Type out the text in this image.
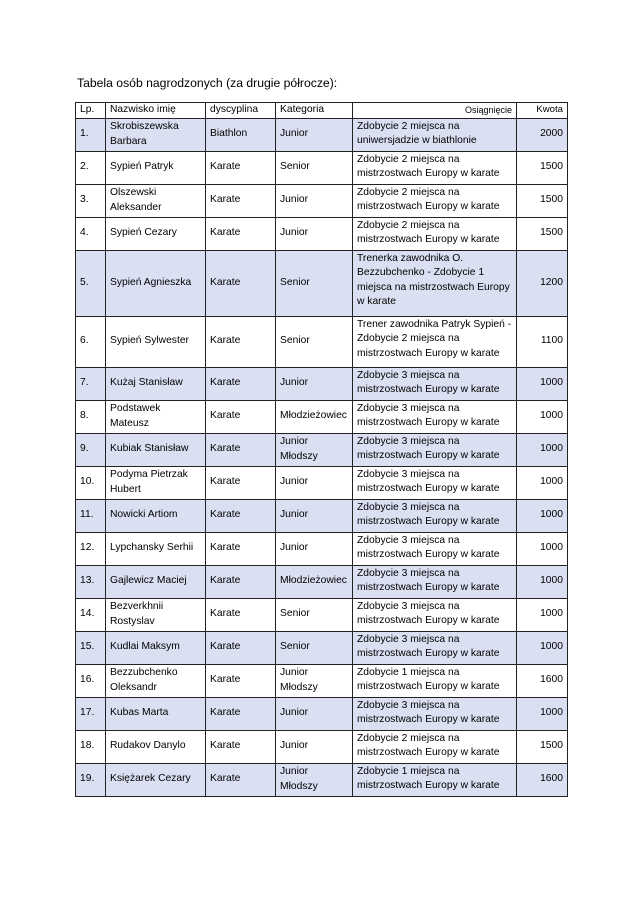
Tabela osób nagrodzonych (za drugie półrocze):
Lp.	Nazwisko imię	dyscyplina	Kategoria	Osiągnięcie	Kwota
1.	Skrobiszewska Barbara	Biathlon	Junior	Zdobycie 2 miejsca na uniwersjadzie w biathlonie	2000
2.	Sypień Patryk	Karate	Senior	Zdobycie 2 miejsca na mistrzostwach Europy w karate	1500
3.	Olszewski Aleksander	Karate	Junior	Zdobycie 2 miejsca na mistrzostwach Europy w karate	1500
4.	Sypień Cezary	Karate	Junior	Zdobycie 2 miejsca na mistrzostwach Europy w karate	1500
5.	Sypień Agnieszka	Karate	Senior	Trenerka zawodnika O. Bezzubchenko - Zdobycie 1 miejsca na mistrzostwach Europy w karate	1200
6.	Sypień Sylwester	Karate	Senior	Trener zawodnika Patryk Sypień - Zdobycie 2 miejsca na mistrzostwach Europy w karate	1100
7.	Kużaj Stanisław	Karate	Junior	Zdobycie 3 miejsca na mistrzostwach Europy w karate	1000
8.	Podstawek Mateusz	Karate	Młodzieżowiec	Zdobycie 3 miejsca na mistrzostwach Europy w karate	1000
9.	Kubiak Stanisław	Karate	Junior Młodszy	Zdobycie 3 miejsca na mistrzostwach Europy w karate	1000
10.	Podyma Pietrzak Hubert	Karate	Junior	Zdobycie 3 miejsca na mistrzostwach Europy w karate	1000
11.	Nowicki Artiom	Karate	Junior	Zdobycie 3 miejsca na mistrzostwach Europy w karate	1000
12.	Lypchansky Serhii	Karate	Junior	Zdobycie 3 miejsca na mistrzostwach Europy w karate	1000
13.	Gajlewicz Maciej	Karate	Młodzieżowiec	Zdobycie 3 miejsca na mistrzostwach Europy w karate	1000
14.	Bezverkhnii Rostyslav	Karate	Senior	Zdobycie 3 miejsca na mistrzostwach Europy w karate	1000
15.	Kudlai Maksym	Karate	Senior	Zdobycie 3 miejsca na mistrzostwach Europy w karate	1000
16.	Bezzubchenko Oleksandr	Karate	Junior Młodszy	Zdobycie 1 miejsca na mistrzostwach Europy w karate	1600
17.	Kubas Marta	Karate	Junior	Zdobycie 3 miejsca na mistrzostwach Europy w karate	1000
18.	Rudakov Danylo	Karate	Junior	Zdobycie 2 miejsca na mistrzostwach Europy w karate	1500
19.	Księżarek Cezary	Karate	Junior Młodszy	Zdobycie 1 miejsca na mistrzostwach Europy w karate	1600
